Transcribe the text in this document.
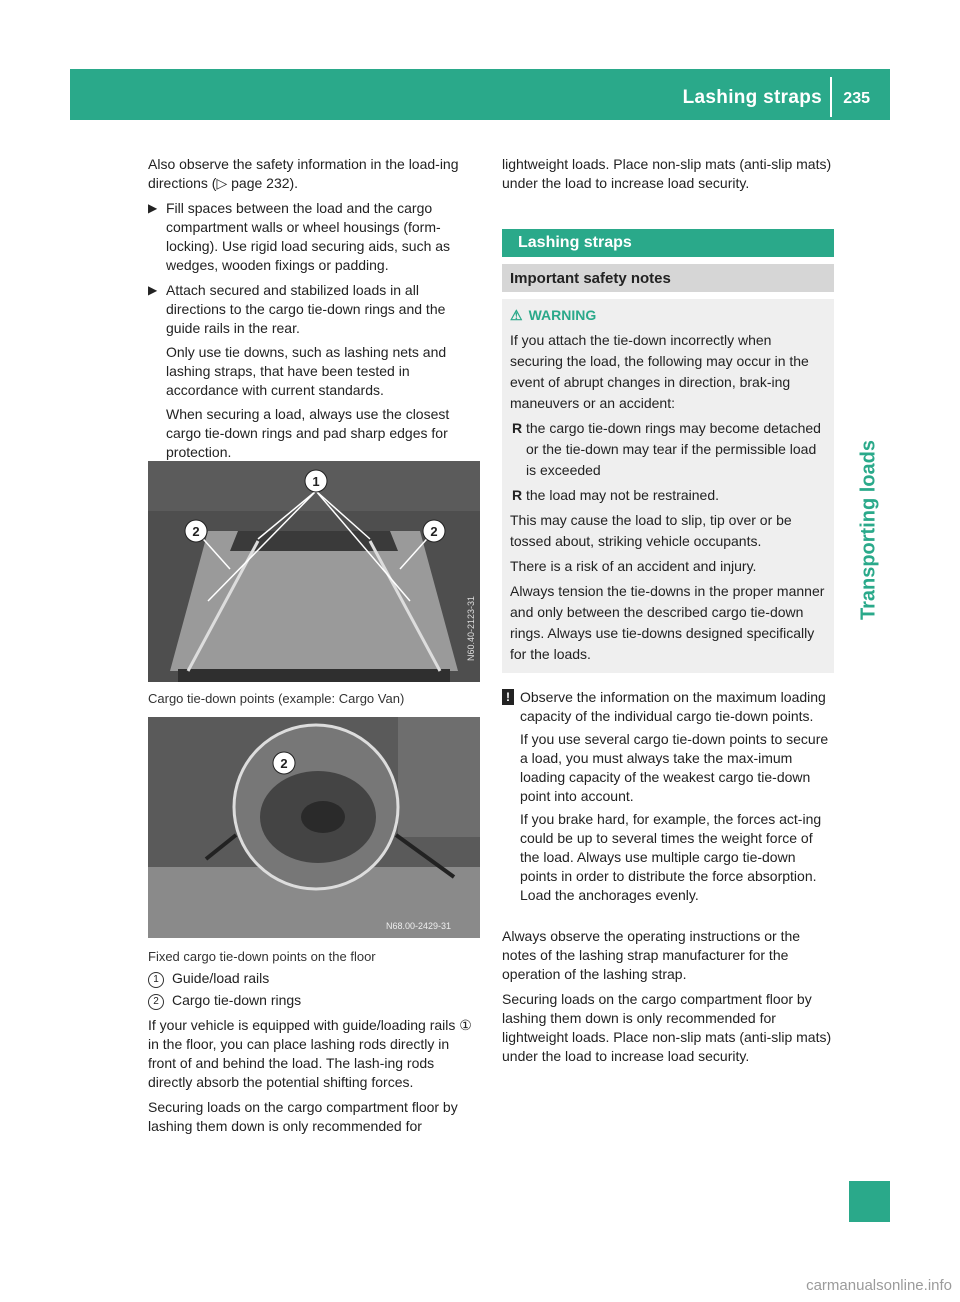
Lashing straps 235
Transporting loads

Also observe the safety information in the load-ing directions (▷ page 232).

▶ Fill spaces between the load and the cargo compartment walls or wheel housings (form-locking). Use rigid load securing aids, such as wedges, wooden fixings or padding.

▶ Attach secured and stabilized loads in all directions to the cargo tie-down rings and the guide rails in the rear.

Only use tie downs, such as lashing nets and lashing straps, that have been tested in accordance with current standards.

When securing a load, always use the closest cargo tie-down rings and pad sharp edges for protection.

1
2	2
N60.40-2123-31
Cargo tie-down points (example: Cargo Van)
2
N68.00-2429-31
Fixed cargo tie-down points on the floor
1 Guide/load rails
2 Cargo tie-down rings

If your vehicle is equipped with guide/loading rails ① in the floor, you can place lashing rods directly in front of and behind the load. The lash-ing rods directly absorb the potential shifting forces.

Securing loads on the cargo compartment floor by lashing them down is only recommended for

lightweight loads. Place non-slip mats (anti-slip mats) under the load to increase load security.

Lashing straps
Important safety notes
⚠ WARNING

If you attach the tie-down incorrectly when securing the load, the following may occur in the event of abrupt changes in direction, brak-ing maneuvers or an accident:

R the cargo tie-down rings may become detached or the tie-down may tear if the permissible load is exceeded
R the load may not be restrained.

This may cause the load to slip, tip over or be tossed about, striking vehicle occupants.

There is a risk of an accident and injury.

Always tension the tie-downs in the proper manner and only between the described cargo tie-down rings. Always use tie-downs designed specifically for the loads.

! Observe the information on the maximum loading capacity of the individual cargo tie-down points.

If you use several cargo tie-down points to secure a load, you must always take the max-imum loading capacity of the weakest cargo tie-down point into account.

If you brake hard, for example, the forces act-ing could be up to several times the weight force of the load. Always use multiple cargo tie-down points in order to distribute the force absorption. Load the anchorages evenly.

Always observe the operating instructions or the notes of the lashing strap manufacturer for the operation of the lashing strap.

Securing loads on the cargo compartment floor by lashing them down is only recommended for lightweight loads. Place non-slip mats (anti-slip mats) under the load to increase load security.

carmanualsonline.info
